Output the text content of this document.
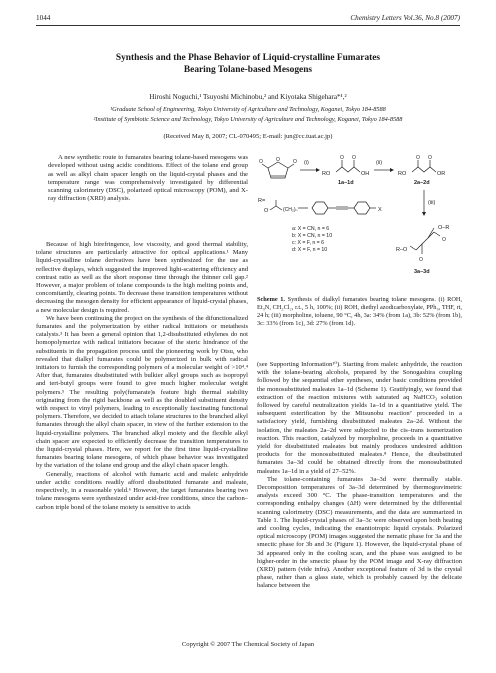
1044	Chemistry Letters Vol.36, No.8 (2007)
Synthesis and the Phase Behavior of Liquid-crystalline Fumarates
Bearing Tolane-based Mesogens
Hiroshi Noguchi,¹ Tsuyoshi Michinobu,² and Kiyotaka Shigehara*¹,²
¹Graduate School of Engineering, Tokyo University of Agriculture and Technology, Koganei, Tokyo 184-8588
²Institute of Symbiotic Science and Technology, Tokyo University of Agriculture and Technology, Koganei, Tokyo 184-8588
(Received May 8, 2007; CL-070495; E-mail: jun@cc.tuat.ac.jp)

A new synthetic route to fumarates bearing tolane-based mesogens was developed without using acidic conditions. Effect of the tolane end group as well as alkyl chain spacer length on the liquid-crystal phases and the temperature range was comprehensively investigated by differential scanning calorimetry (DSC), polarized optical microscopy (POM), and X-ray diffraction (XRD) analysis.

Because of high birefringence, low viscosity, and good thermal stability, tolane structures are particularly attractive for optical applications.¹ Many liquid-crystalline tolane derivatives have been synthesized for the use as reflective displays, which suggested the improved light-scattering efficiency and contrast ratio as well as the short response time through the thinner cell gap.² However, a major problem of tolane compounds is the high melting points and, concomitantly, clearing points. To decrease these transition temperatures without decreasing the mesogen density for efficient appearance of liquid-crystal phases, a new molecular design is required.

We have been continuing the project on the synthesis of the difunctionalized fumarates and the polymerization by either radical initiators or metathesis catalysts.³ It has been a general opinion that 1,2-disubstituted ethylenes do not homopolymerize with radical initiators because of the steric hindrance of the substituents in the propagation process until the pioneering work by Otsu, who revealed that dialkyl fumarates could be polymerized in bulk with radical initiators to furnish the corresponding polymers of a molecular weight of >10⁴.⁴ After that, fumarates disubstituted with bulkier alkyl groups such as isopropyl and tert-butyl groups were found to give much higher molecular weight polymers.⁵ The resulting poly(fumarate)s feature high thermal stability originating from the rigid backbone as well as the doubled substituent density with respect to vinyl polymers, leading to exceptionally fascinating functional polymers. Therefore, we decided to attach tolane structures to the branched alkyl fumarates through the alkyl chain spacer, in view of the further extension to the liquid-crystalline polymers. The branched alkyl moiety and the flexible alkyl chain spacer are expected to efficiently decrease the transition temperatures to the liquid-crystal phases. Here, we report for the first time liquid-crystalline fumarates bearing tolane mesogens, of which phase behavior was investigated by the variation of the tolane end group and the alkyl chain spacer length.

Generally, reactions of alcohol with fumaric acid and maleic anhydride under acidic conditions readily afford disubstituted fumarate and maleate, respectively, in a reasonable yield.⁶ However, the target fumarates bearing two tolane mesogens were synthesized under acid-free conditions, since the carbon–carbon triple bond of the tolane moiety is sensitive to acids

O	O
O	(i)
RO	OH
O O
1a–1d
(ii)
RO	OR
O O
2a–2d
(iii)
O–R
R–O
O
O
3a–3d
R=
O	(CH₂)ₙ	X
a: X = CN, n = 6
b: X = CN, n = 10
c: X = F, n = 6
d: X = F, n = 10
Scheme 1. Synthesis of dialkyl fumarates bearing tolane mesogens. (i) ROH, Et₃N, CH₂Cl₂, r.t., 5 h, 100%; (ii) ROH, diethyl azodicarboxylate, PPh₃, THF, rt, 24 h; (iii) morpholine, toluene, 90 °C, 4h, 3a: 34% (from 1a), 3b: 52% (from 1b), 3c: 33% (from 1c), 3d: 27% (from 1d).

(see Supporting Information¹⁰). Starting from maleic anhydride, the reaction with the tolane-bearing alcohols, prepared by the Sonogashira coupling followed by the sequential ether syntheses, under basic conditions provided the monosubstituted maleates 1a–1d (Scheme 1). Gratifyingly, we found that extraction of the reaction mixtures with saturated aq NaHCO₃ solution followed by careful neutralization yields 1a–1d in a quantitative yield. The subsequent esterification by the Mitsunobu reaction⁷ proceeded in a satisfactory yield, furnishing disubstituted maleates 2a–2d. Without the isolation, the maleates 2a–2d were subjected to the cis–trans isomerization reaction. This reaction, catalyzed by morpholine, proceeds in a quantitative yield for disubstituted maleates but mainly produces undesired addition products for the monosubstituted maleates.⁸ Hence, the disubstituted fumarates 3a–3d could be obtained directly from the monosubstituted maleates 1a–1d in a yield of 27–52%.

The tolane-containing fumarates 3a–3d were thermally stable. Decomposition temperatures of 3a–3d determined by thermogravimetric analysis exceed 300 °C. The phase-transition temperatures and the corresponding enthalpy changes (ΔH) were determined by the differential scanning calorimetry (DSC) measurements, and the data are summarized in Table 1. The liquid-crystal phases of 3a–3c were observed upon both heating and cooling cycles, indicating the enantiotropic liquid crystals. Polarized optical microscopy (POM) images suggested the nematic phase for 3a and the smectic phase for 3b and 3c (Figure 1). However, the liquid-crystal phase of 3d appeared only in the cooling scan, and the phase was assigned to be higher-order in the smectic phase by the POM image and X-ray diffraction (XRD) pattern (vide infra). Another exceptional feature of 3d is the crystal phase, rather than a glass state, which is probably caused by the delicate balance between the

Copyright © 2007 The Chemical Society of Japan
